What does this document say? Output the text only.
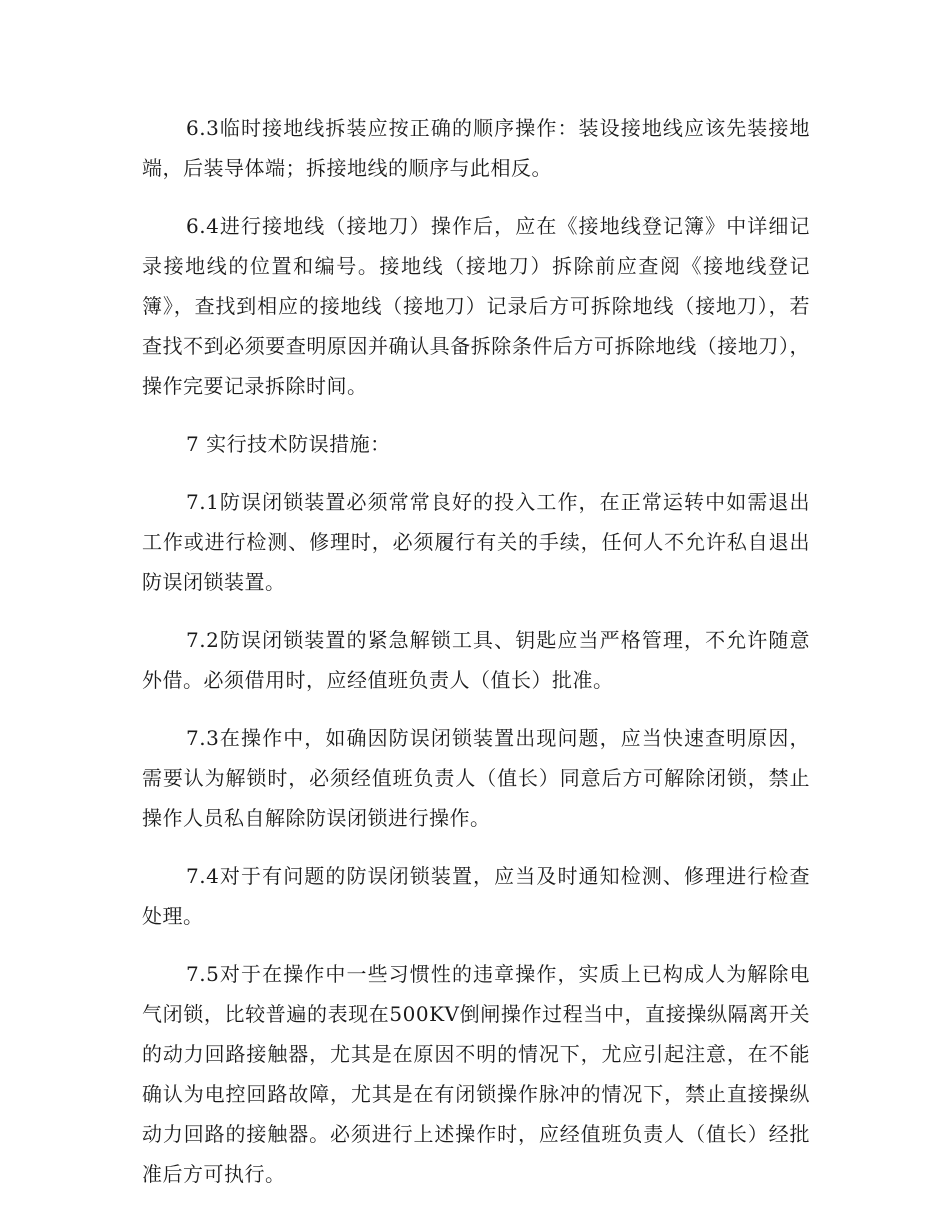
6.3临时接地线拆装应按正确的顺序操作：装设接地线应该先装接地端，后装导体端；拆接地线的顺序与此相反。

6.4进行接地线（接地刀）操作后，应在《接地线登记簿》中详细记录接地线的位置和编号。接地线（接地刀）拆除前应查阅《接地线登记簿》，查找到相应的接地线（接地刀）记录后方可拆除地线（接地刀），若查找不到必须要查明原因并确认具备拆除条件后方可拆除地线（接地刀），操作完要记录拆除时间。

7 实行技术防误措施：

7.1防误闭锁装置必须常常良好的投入工作，在正常运转中如需退出工作或进行检测、修理时，必须履行有关的手续，任何人不允许私自退出防误闭锁装置。

7.2防误闭锁装置的紧急解锁工具、钥匙应当严格管理，不允许随意外借。必须借用时，应经值班负责人（值长）批准。

7.3在操作中，如确因防误闭锁装置出现问题，应当快速查明原因，需要认为解锁时，必须经值班负责人（值长）同意后方可解除闭锁，禁止操作人员私自解除防误闭锁进行操作。

7.4对于有问题的防误闭锁装置，应当及时通知检测、修理进行检查处理。

7.5对于在操作中一些习惯性的违章操作，实质上已构成人为解除电气闭锁，比较普遍的表现在500KV倒闸操作过程当中，直接操纵隔离开关的动力回路接触器，尤其是在原因不明的情况下，尤应引起注意，在不能确认为电控回路故障，尤其是在有闭锁操作脉冲的情况下，禁止直接操纵动力回路的接触器。必须进行上述操作时，应经值班负责人（值长）经批准后方可执行。
